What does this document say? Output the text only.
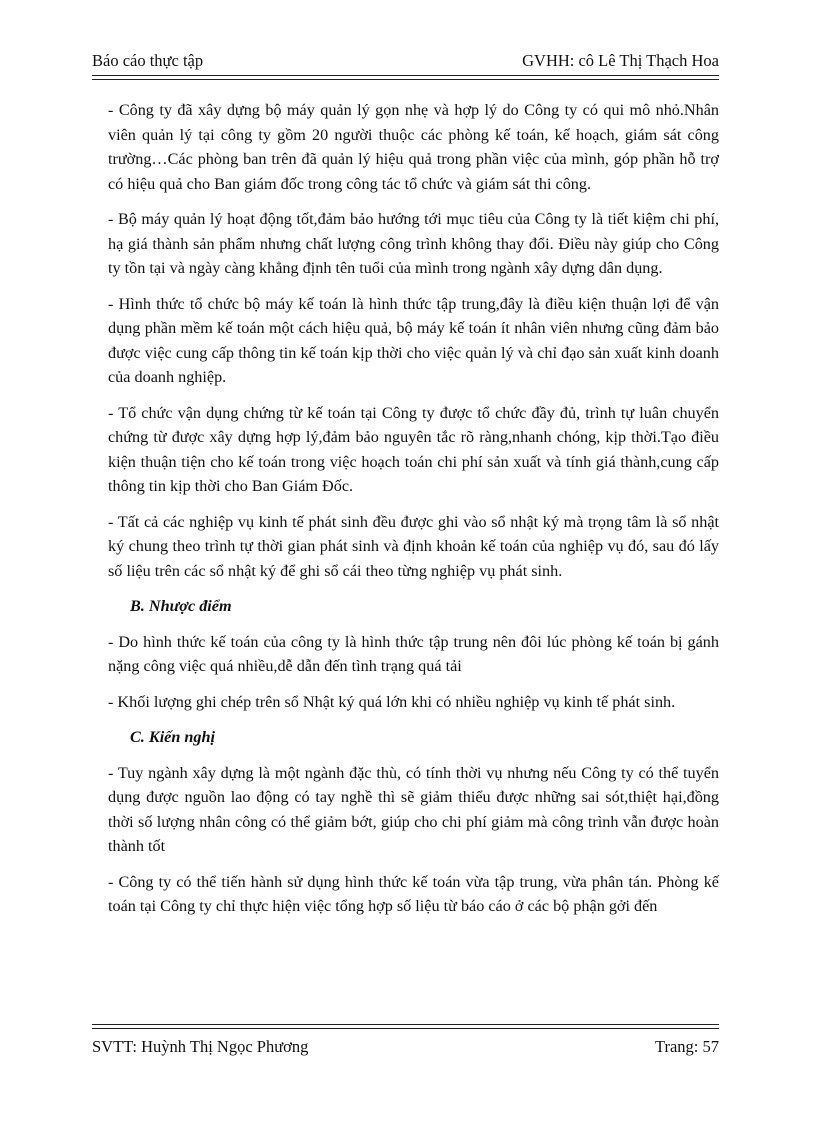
Báo cáo thực tập	GVHH: cô Lê Thị Thạch Hoa

- Công ty đã xây dựng bộ máy quản lý gọn nhẹ và hợp lý do Công ty có qui mô nhỏ.Nhân viên quản lý tại công ty gồm 20 người thuộc các phòng kế toán, kế hoạch, giám sát công trường…Các phòng ban trên đã quản lý hiệu quả trong phần việc của mình, góp phần hỗ trợ có hiệu quả cho Ban giám đốc trong công tác tổ chức và giám sát thi công.

- Bộ máy quản lý hoạt động tốt,đảm bảo hướng tới mục tiêu của Công ty là tiết kiệm chi phí, hạ giá thành sản phẩm nhưng chất lượng công trình không thay đổi. Điều này giúp cho Công ty tồn tại và ngày càng khẳng định tên tuổi của mình trong ngành xây dựng dân dụng.

- Hình thức tổ chức bộ máy kế toán là hình thức tập trung,đây là điều kiện thuận lợi để vận dụng phần mềm kế toán một cách hiệu quả, bộ máy kế toán ít nhân viên nhưng cũng đảm bảo được việc cung cấp thông tin kế toán kịp thời cho việc quản lý và chỉ đạo sản xuất kinh doanh của doanh nghiệp.

- Tổ chức vận dụng chứng từ kế toán tại Công ty được tổ chức đầy đủ, trình tự luân chuyển chứng từ được xây dựng hợp lý,đảm bảo nguyên tắc rõ ràng,nhanh chóng, kịp thời.Tạo điều kiện thuận tiện cho kế toán trong việc hoạch toán chi phí sản xuất và tính giá thành,cung cấp thông tin kịp thời cho Ban Giám Đốc.

- Tất cả các nghiệp vụ kinh tế phát sinh đều được ghi vào sổ nhật ký mà trọng tâm là sổ nhật ký chung theo trình tự thời gian phát sinh và định khoản kế toán của nghiệp vụ đó, sau đó lấy số liệu trên các sổ nhật ký để ghi sổ cái theo từng nghiệp vụ phát sinh.

B. Nhược điểm

- Do hình thức kế toán của công ty là hình thức tập trung nên đôi lúc phòng kế toán bị gánh nặng công việc quá nhiều,dễ dẫn đến tình trạng quá tải

- Khối lượng ghi chép trên sổ Nhật ký quá lớn khi có nhiều nghiệp vụ kinh tế phát sinh.

C. Kiến nghị

- Tuy ngành xây dựng là một ngành đặc thù, có tính thời vụ nhưng nếu Công ty có thể tuyển dụng được nguồn lao động có tay nghề thì sẽ giảm thiểu được những sai sót,thiệt hại,đồng thời số lượng nhân công có thể giảm bớt, giúp cho chi phí giảm mà công trình vẫn được hoàn thành tốt

- Công ty có thể tiến hành sử dụng hình thức kế toán vừa tập trung, vừa phân tán. Phòng kế toán tại Công ty chỉ thực hiện việc tổng hợp số liệu từ báo cáo ở các bộ phận gởi đến

SVTT: Huỳnh Thị Ngọc Phương	Trang: 57
